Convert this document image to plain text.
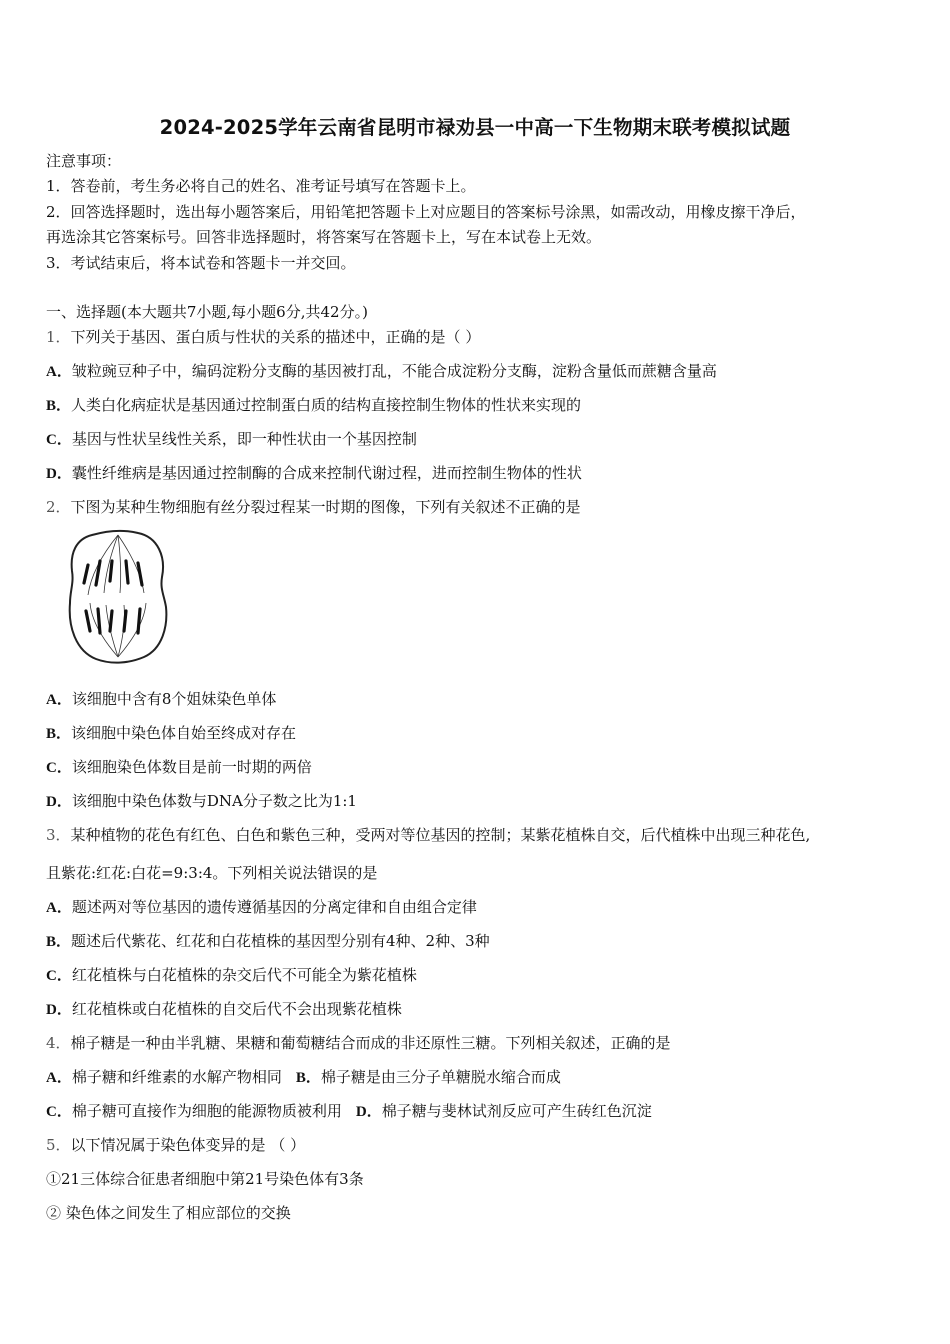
2024-2025学年云南省昆明市禄劝县一中高一下生物期末联考模拟试题
注意事项：
1．答卷前，考生务必将自己的姓名、准考证号填写在答题卡上。
2．回答选择题时，选出每小题答案后，用铅笔把答题卡上对应题目的答案标号涂黑，如需改动，用橡皮擦干净后，
再选涂其它答案标号。回答非选择题时，将答案写在答题卡上，写在本试卷上无效。
3．考试结束后，将本试卷和答题卡一并交回。
一、选择题(本大题共7小题,每小题6分,共42分。)
1．下列关于基因、蛋白质与性状的关系的描述中，正确的是（ ）
A．皱粒豌豆种子中，编码淀粉分支酶的基因被打乱，不能合成淀粉分支酶，淀粉含量低而蔗糖含量高
B．人类白化病症状是基因通过控制蛋白质的结构直接控制生物体的性状来实现的
C．基因与性状呈线性关系，即一种性状由一个基因控制
D．囊性纤维病是基因通过控制酶的合成来控制代谢过程，进而控制生物体的性状
2．下图为某种生物细胞有丝分裂过程某一时期的图像，下列有关叙述不正确的是
A．该细胞中含有8个姐妹染色单体
B．该细胞中染色体自始至终成对存在
C．该细胞染色体数目是前一时期的两倍
D．该细胞中染色体数与DNA分子数之比为1:1
3．某种植物的花色有红色、白色和紫色三种，受两对等位基因的控制；某紫花植株自交，后代植株中出现三种花色,
且紫花:红花:白花=9:3:4。下列相关说法错误的是
A．题述两对等位基因的遗传遵循基因的分离定律和自由组合定律
B．题述后代紫花、红花和白花植株的基因型分别有4种、2种、3种
C．红花植株与白花植株的杂交后代不可能全为紫花植株
D．红花植株或白花植株的自交后代不会出现紫花植株
4．棉子糖是一种由半乳糖、果糖和葡萄糖结合而成的非还原性三糖。下列相关叙述，正确的是
A．棉子糖和纤维素的水解产物相同 B．棉子糖是由三分子单糖脱水缩合而成
C．棉子糖可直接作为细胞的能源物质被利用 D．棉子糖与斐林试剂反应可产生砖红色沉淀
5．以下情况属于染色体变异的是 （ ）
①21三体综合征患者细胞中第21号染色体有3条
② 染色体之间发生了相应部位的交换
